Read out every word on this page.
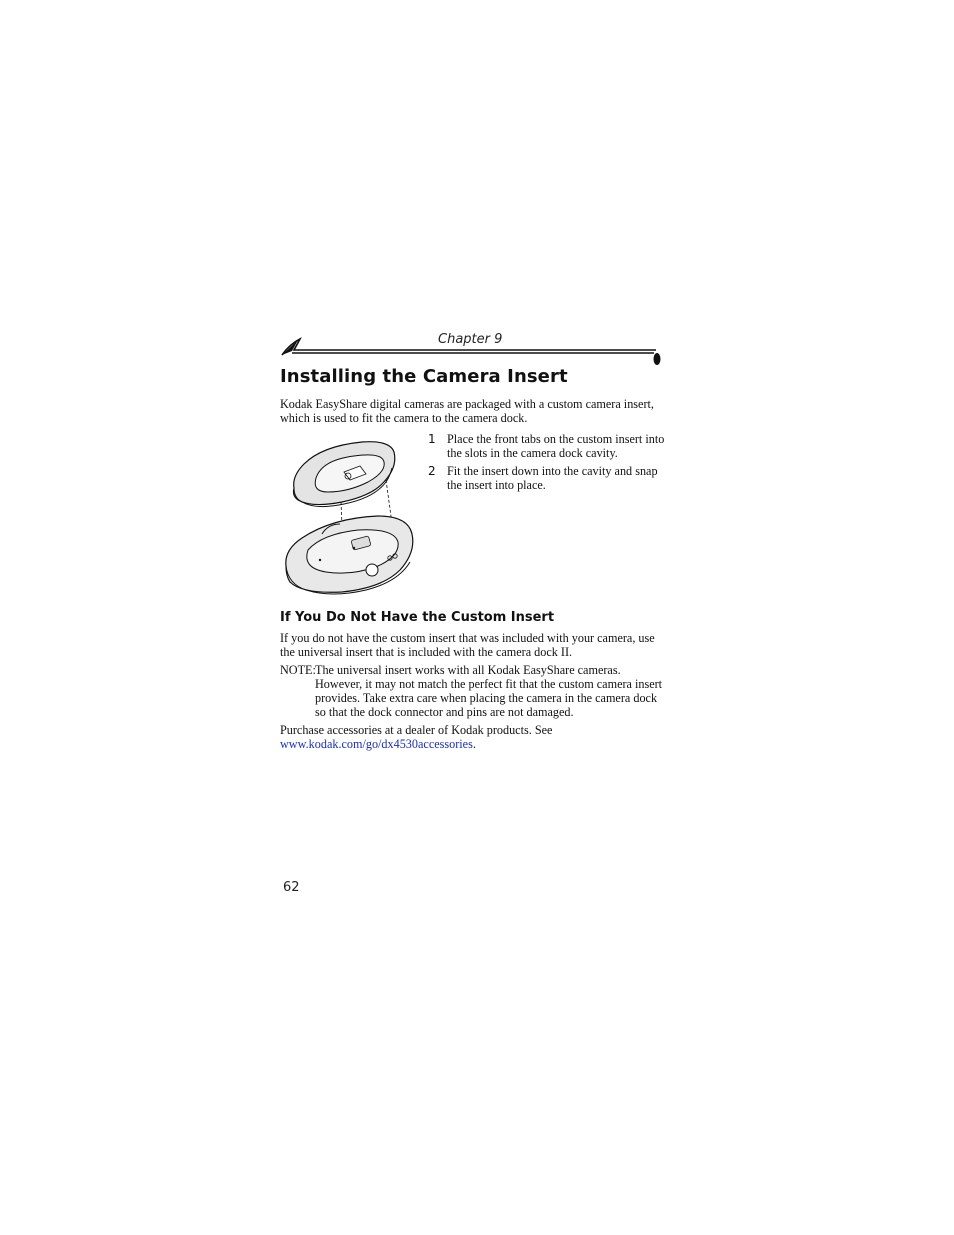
Chapter 9
Installing the Camera Insert

Kodak EasyShare digital cameras are packaged with a custom camera insert, which is used to fit the camera to the camera dock.

1 Place the front tabs on the custom insert into the slots in the camera dock cavity.
2 Fit the insert down into the cavity and snap the insert into place.
If You Do Not Have the Custom Insert

If you do not have the custom insert that was included with your camera, use the universal insert that is included with the camera dock II.

NOTE: The universal insert works with all Kodak EasyShare cameras. However, it may not match the perfect fit that the custom camera insert provides. Take extra care when placing the camera in the camera dock so that the dock connector and pins are not damaged.

Purchase accessories at a dealer of Kodak products. See
www.kodak.com/go/dx4530accessories.

62
